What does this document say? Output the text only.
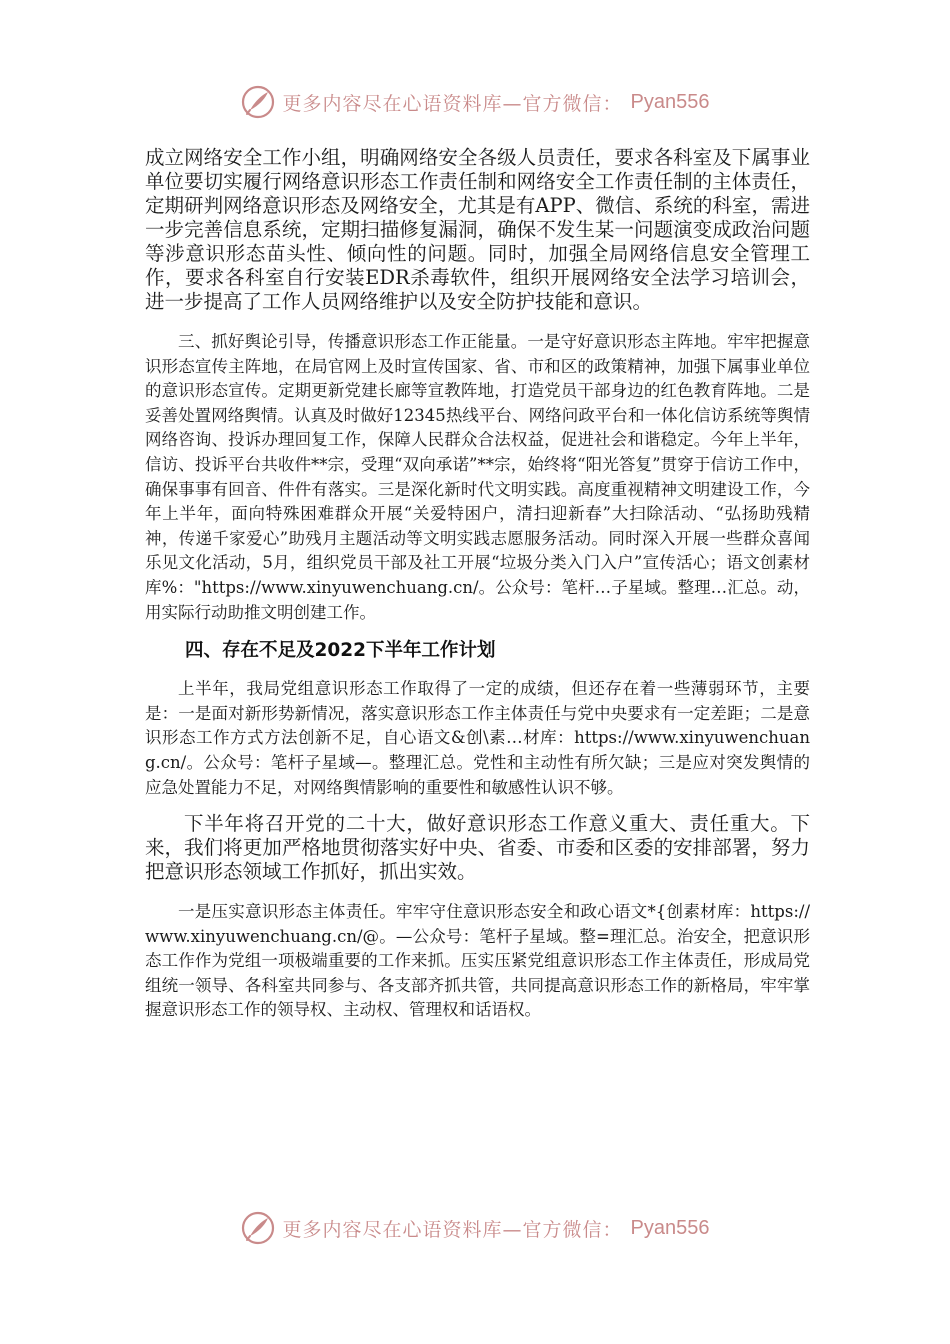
更多内容尽在心语资料库—官方微信： Pyan556

成立网络安全工作小组，明确网络安全各级人员责任，要求各科室及下属事业单位要切实履行网络意识形态工作责任制和网络安全工作责任制的主体责任，定期研判网络意识形态及网络安全，尤其是有APP、微信、系统的科室，需进一步完善信息系统，定期扫描修复漏洞，确保不发生某一问题演变成政治问题等涉意识形态苗头性、倾向性的问题。同时，加强全局网络信息安全管理工作，要求各科室自行安装EDR杀毒软件，组织开展网络安全法学习培训会，进一步提高了工作人员网络维护以及安全防护技能和意识。

三、抓好舆论引导，传播意识形态工作正能量。一是守好意识形态主阵地。牢牢把握意识形态宣传主阵地，在局官网上及时宣传国家、省、市和区的政策精神，加强下属事业单位的意识形态宣传。定期更新党建长廊等宣教阵地，打造党员干部身边的红色教育阵地。二是妥善处置网络舆情。认真及时做好12345热线平台、网络问政平台和一体化信访系统等舆情网络咨询、投诉办理回复工作，保障人民群众合法权益，促进社会和谐稳定。今年上半年，信访、投诉平台共收件**宗，受理“双向承诺”**宗，始终将“阳光答复”贯穿于信访工作中，确保事事有回音、件件有落实。三是深化新时代文明实践。高度重视精神文明建设工作，今年上半年，面向特殊困难群众开展“关爱特困户，清扫迎新春”大扫除活动、“弘扬助残精神，传递千家爱心”助残月主题活动等文明实践志愿服务活动。同时深入开展一些群众喜闻乐见文化活动，5月，组织党员干部及社工开展“垃圾分类入门入户”宣传活心；语文创素材库%："https://www.xinyuwenchuang.cn/。公众号：笔杆…子星域。整理…汇总。动，用实际行动助推文明创建工作。

四、存在不足及2022下半年工作计划

上半年，我局党组意识形态工作取得了一定的成绩，但还存在着一些薄弱环节，主要是：一是面对新形势新情况，落实意识形态工作主体责任与党中央要求有一定差距；二是意识形态工作方式方法创新不足，自心语文&创\素…材库：https://www.xinyuwenchuang.cn/。公众号：笔杆子星域—。整理汇总。党性和主动性有所欠缺；三是应对突发舆情的应急处置能力不足，对网络舆情影响的重要性和敏感性认识不够。

下半年将召开党的二十大，做好意识形态工作意义重大、责任重大。下来，我们将更加严格地贯彻落实好中央、省委、市委和区委的安排部署，努力把意识形态领域工作抓好，抓出实效。

一是压实意识形态主体责任。牢牢守住意识形态安全和政心语文*{创素材库：https://www.xinyuwenchuang.cn/@。—公众号：笔杆子星域。整=理汇总。治安全，把意识形态工作作为党组一项极端重要的工作来抓。压实压紧党组意识形态工作主体责任，形成局党组统一领导、各科室共同参与、各支部齐抓共管，共同提高意识形态工作的新格局，牢牢掌握意识形态工作的领导权、主动权、管理权和话语权。

更多内容尽在心语资料库—官方微信： Pyan556
